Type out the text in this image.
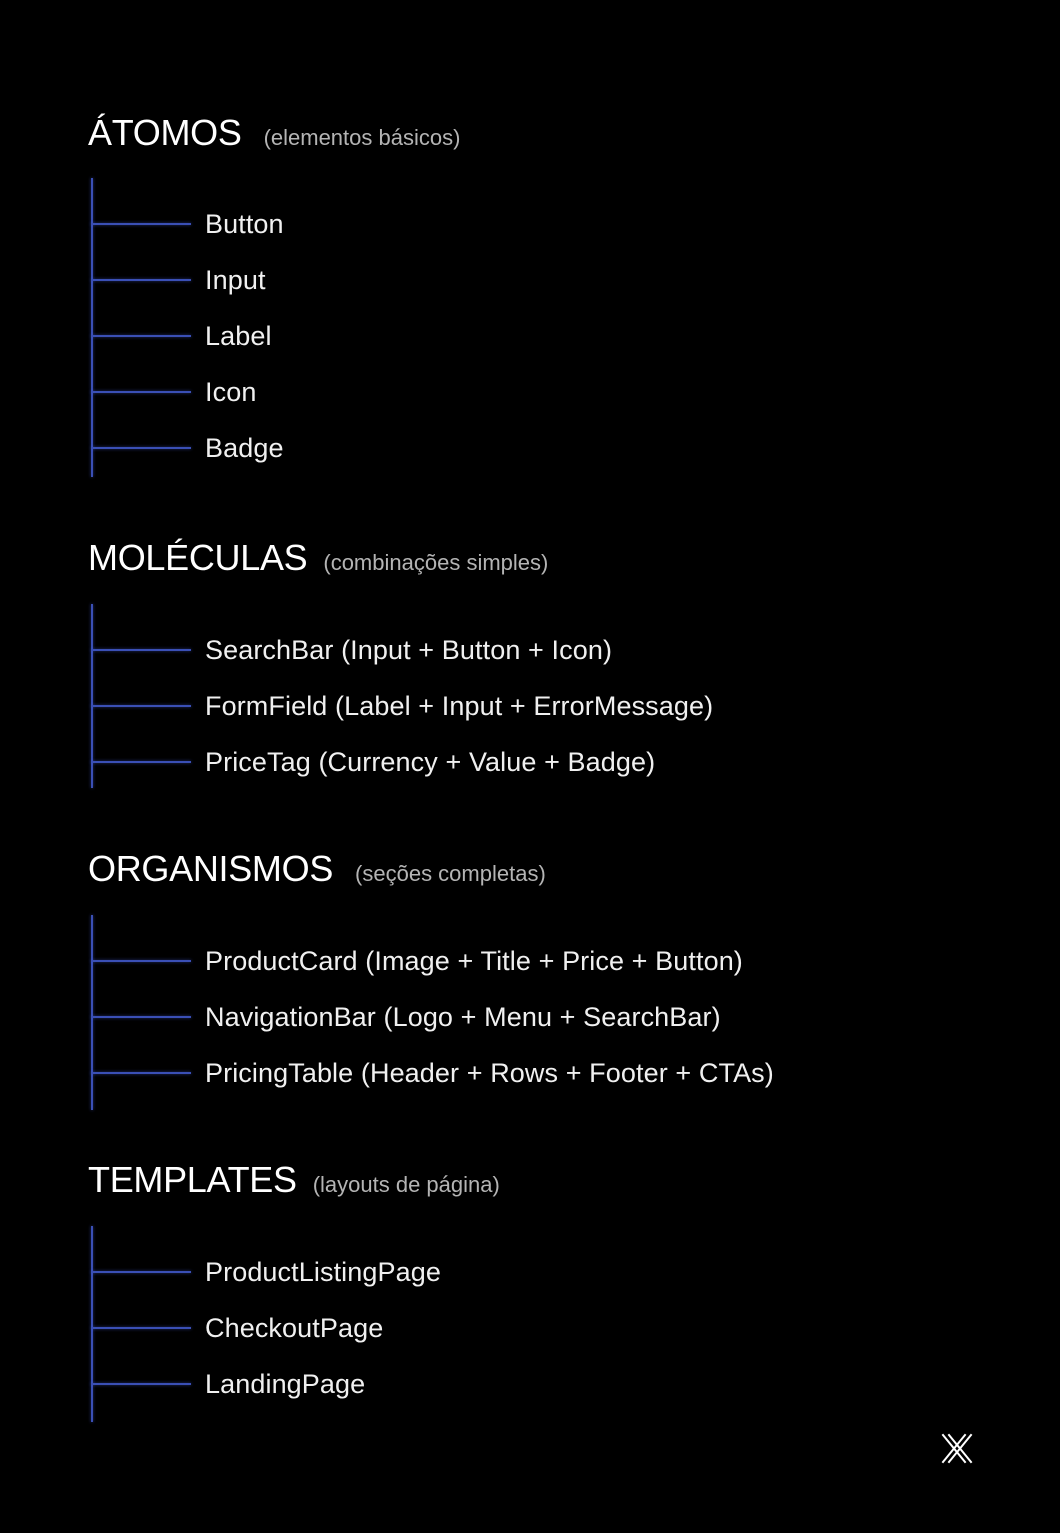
ÁTOMOS (elementos básicos)
Button
Input
Label
Icon
Badge
MOLÉCULAS (combinações simples)
SearchBar (Input + Button + Icon)
FormField (Label + Input + ErrorMessage)
PriceTag (Currency + Value + Badge)
ORGANISMOS (seções completas)
ProductCard (Image + Title + Price + Button)
NavigationBar (Logo + Menu + SearchBar)
PricingTable (Header + Rows + Footer + CTAs)
TEMPLATES (layouts de página)
ProductListingPage
CheckoutPage
LandingPage
